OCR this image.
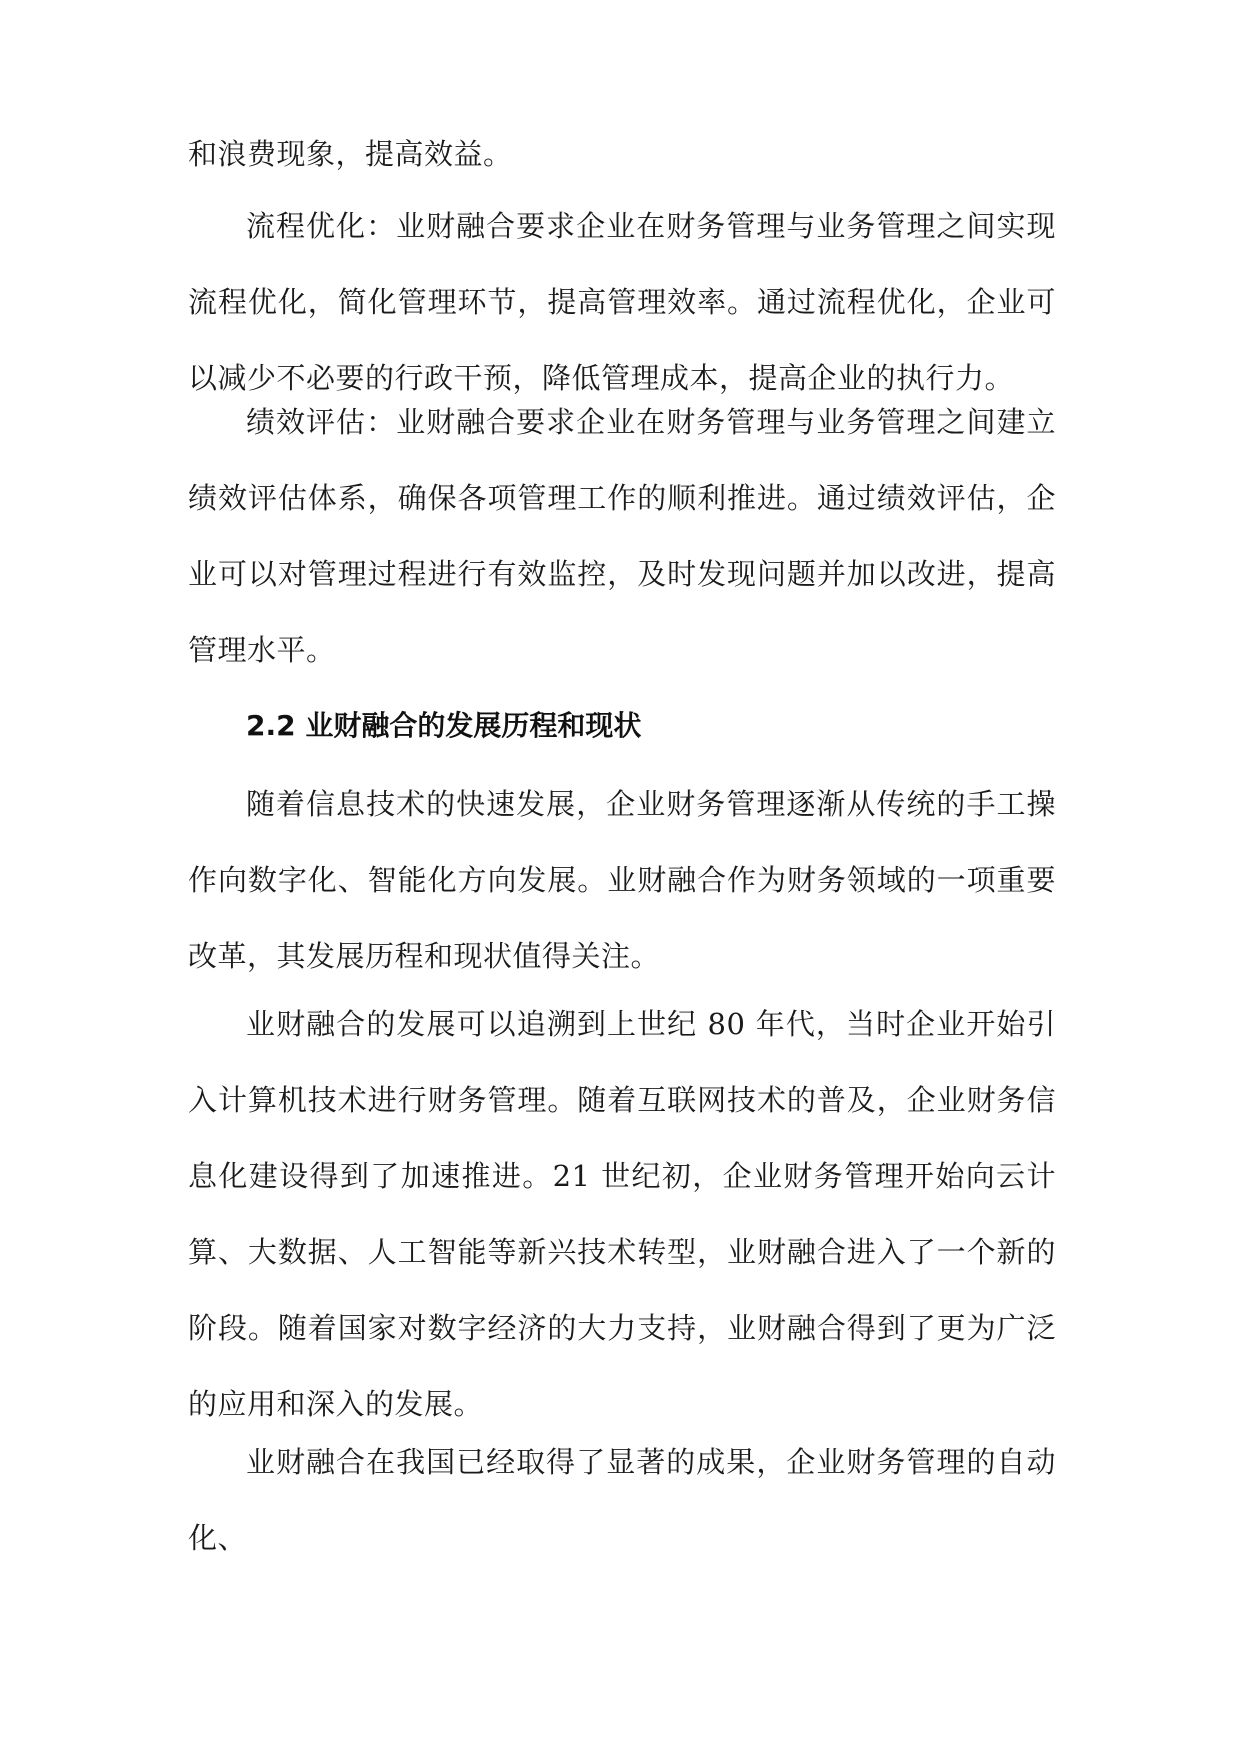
和浪费现象，提高效益。

流程优化：业财融合要求企业在财务管理与业务管理之间实现流程优化，简化管理环节，提高管理效率。通过流程优化，企业可以减少不必要的行政干预，降低管理成本，提高企业的执行力。

绩效评估：业财融合要求企业在财务管理与业务管理之间建立绩效评估体系，确保各项管理工作的顺利推进。通过绩效评估，企业可以对管理过程进行有效监控，及时发现问题并加以改进，提高管理水平。

2.2 业财融合的发展历程和现状

随着信息技术的快速发展，企业财务管理逐渐从传统的手工操作向数字化、智能化方向发展。业财融合作为财务领域的一项重要改革，其发展历程和现状值得关注。

业财融合的发展可以追溯到上世纪 80 年代，当时企业开始引入计算机技术进行财务管理。随着互联网技术的普及，企业财务信息化建设得到了加速推进。21 世纪初，企业财务管理开始向云计算、大数据、人工智能等新兴技术转型，业财融合进入了一个新的阶段。随着国家对数字经济的大力支持，业财融合得到了更为广泛的应用和深入的发展。

业财融合在我国已经取得了显著的成果，企业财务管理的自动化、
